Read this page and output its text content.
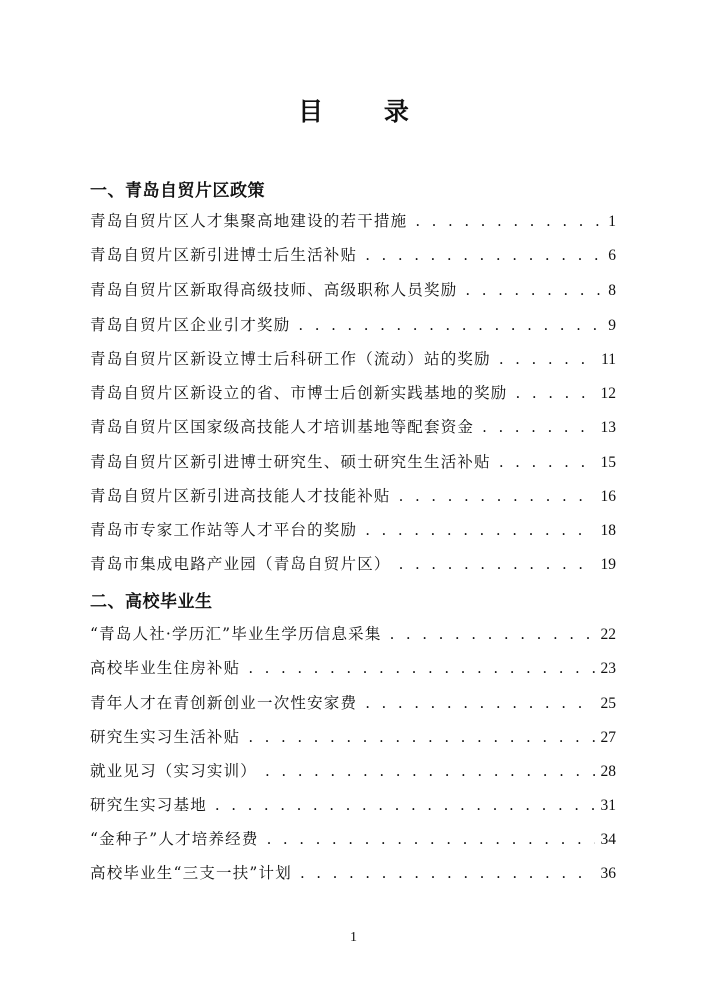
目 录
一、青岛自贸片区政策
青岛自贸片区人才集聚高地建设的若干措施 . . .	1
青岛自贸片区新引进博士后生活补贴 . . .	6
青岛自贸片区新取得高级技师、高级职称人员奖励 . . .	8
青岛自贸片区企业引才奖励 . . .	9
青岛自贸片区新设立博士后科研工作（流动）站的奖励 . . .	11
青岛自贸片区新设立的省、市博士后创新实践基地的奖励 . . .	12
青岛自贸片区国家级高技能人才培训基地等配套资金 . . .	13
青岛自贸片区新引进博士研究生、硕士研究生生活补贴 . . .	15
青岛自贸片区新引进高技能人才技能补贴 . . .	16
青岛市专家工作站等人才平台的奖励 . . .	18
青岛市集成电路产业园（青岛自贸片区） . . .	19
二、高校毕业生
“青岛人社·学历汇”毕业生学历信息采集 . . .	22
高校毕业生住房补贴 . . .	23
青年人才在青创新创业一次性安家费 . . .	25
研究生实习生活补贴 . . .	27
就业见习（实习实训） . . .	28
研究生实习基地 . . .	31
“金种子”人才培养经费 . . .	34
高校毕业生“三支一扶”计划 . . .	36
1
